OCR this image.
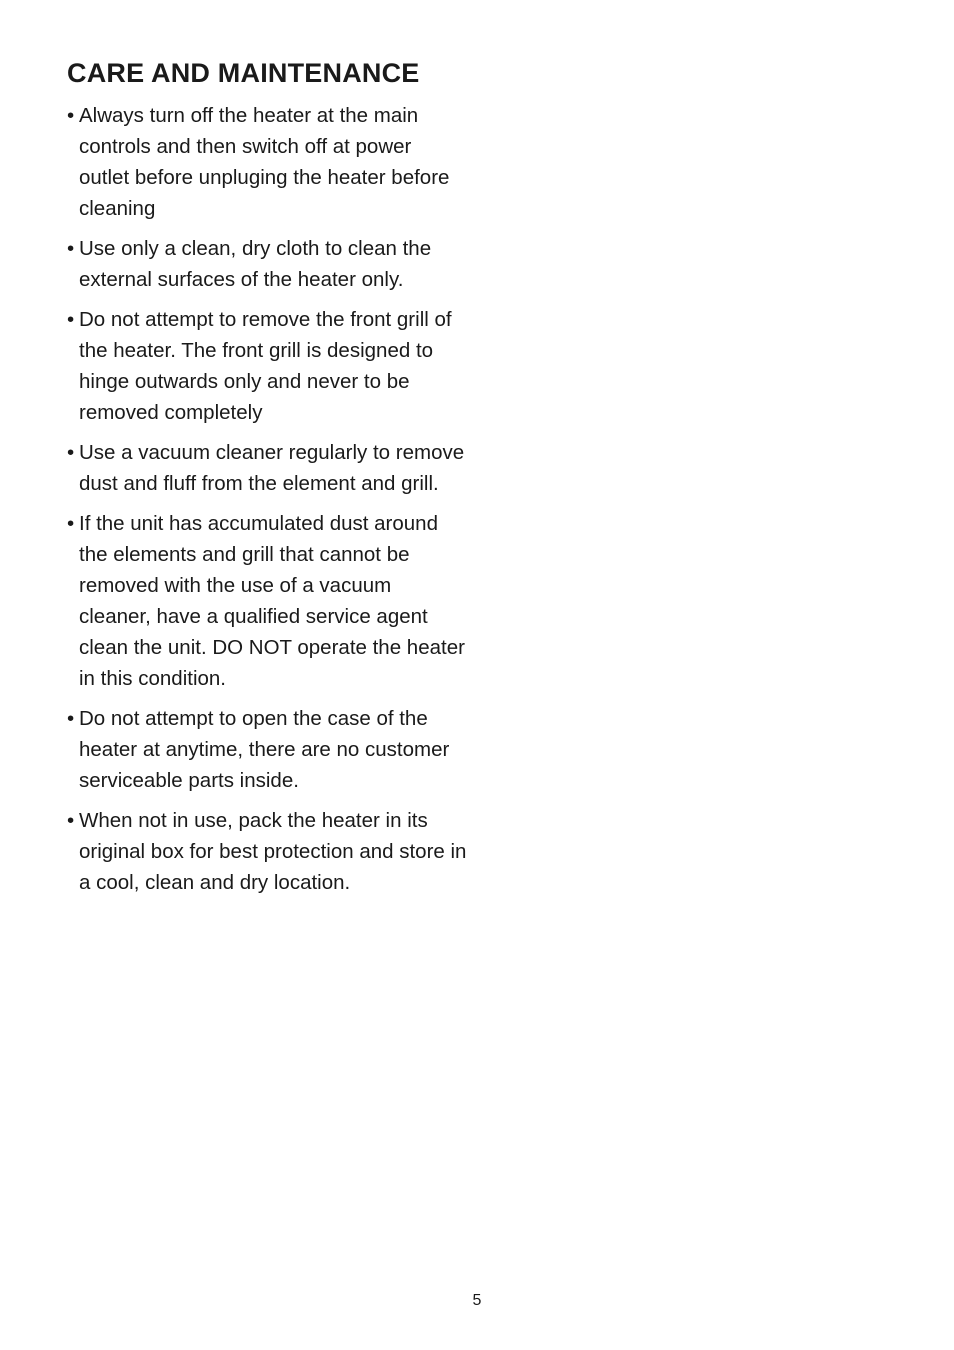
CARE AND MAINTENANCE
• Always turn off the heater at the main controls and then switch off at power outlet before unpluging the heater before cleaning
• Use only a clean, dry cloth to clean the external surfaces of the heater only.
• Do not attempt to remove the front grill of the heater. The front grill is designed to hinge outwards only and never to be removed completely
• Use a vacuum cleaner regularly to remove dust and fluff from the element and grill.
• If the unit has accumulated dust around the elements and grill that cannot be removed with the use of a vacuum cleaner, have a qualified service agent clean the unit. DO NOT operate the heater in this condition.
• Do not attempt to open the case of the heater at anytime, there are no customer serviceable parts inside.
• When not in use, pack the heater in its original box for best protection and store in a cool, clean and dry location.
5
